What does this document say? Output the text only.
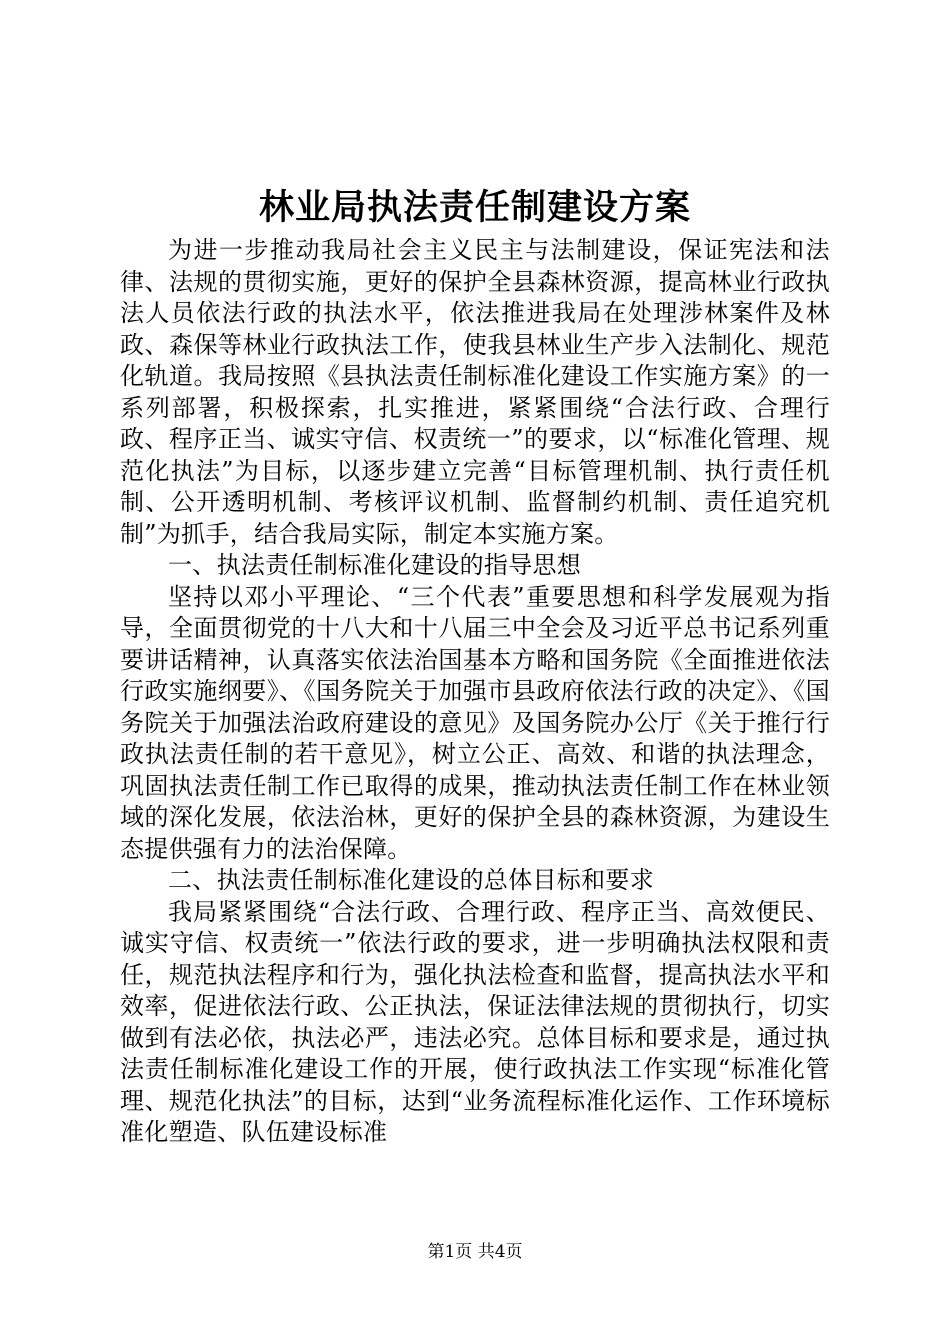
林业局执法责任制建设方案

为进一步推动我局社会主义民主与法制建设，保证宪法和法律、法规的贯彻实施，更好的保护全县森林资源，提高林业行政执法人员依法行政的执法水平，依法推进我局在处理涉林案件及林政、森保等林业行政执法工作，使我县林业生产步入法制化、规范化轨道。我局按照《县执法责任制标准化建设工作实施方案》的一系列部署，积极探索，扎实推进，紧紧围绕“合法行政、合理行政、程序正当、诚实守信、权责统一”的要求，以“标准化管理、规范化执法”为目标，以逐步建立完善“目标管理机制、执行责任机制、公开透明机制、考核评议机制、监督制约机制、责任追究机制”为抓手，结合我局实际，制定本实施方案。

一、执法责任制标准化建设的指导思想

坚持以邓小平理论、“三个代表”重要思想和科学发展观为指导，全面贯彻党的十八大和十八届三中全会及习近平总书记系列重要讲话精神，认真落实依法治国基本方略和国务院《全面推进依法行政实施纲要》、《国务院关于加强市县政府依法行政的决定》、《国务院关于加强法治政府建设的意见》及国务院办公厅《关于推行行政执法责任制的若干意见》，树立公正、高效、和谐的执法理念，巩固执法责任制工作已取得的成果，推动执法责任制工作在林业领域的深化发展，依法治林，更好的保护全县的森林资源，为建设生态提供强有力的法治保障。

二、执法责任制标准化建设的总体目标和要求

我局紧紧围绕“合法行政、合理行政、程序正当、高效便民、诚实守信、权责统一”依法行政的要求，进一步明确执法权限和责任，规范执法程序和行为，强化执法检查和监督，提高执法水平和效率，促进依法行政、公正执法，保证法律法规的贯彻执行，切实做到有法必依，执法必严，违法必究。总体目标和要求是，通过执法责任制标准化建设工作的开展，使行政执法工作实现“标准化管理、规范化执法”的目标，达到“业务流程标准化运作、工作环境标准化塑造、队伍建设标准

第1页 共4页
